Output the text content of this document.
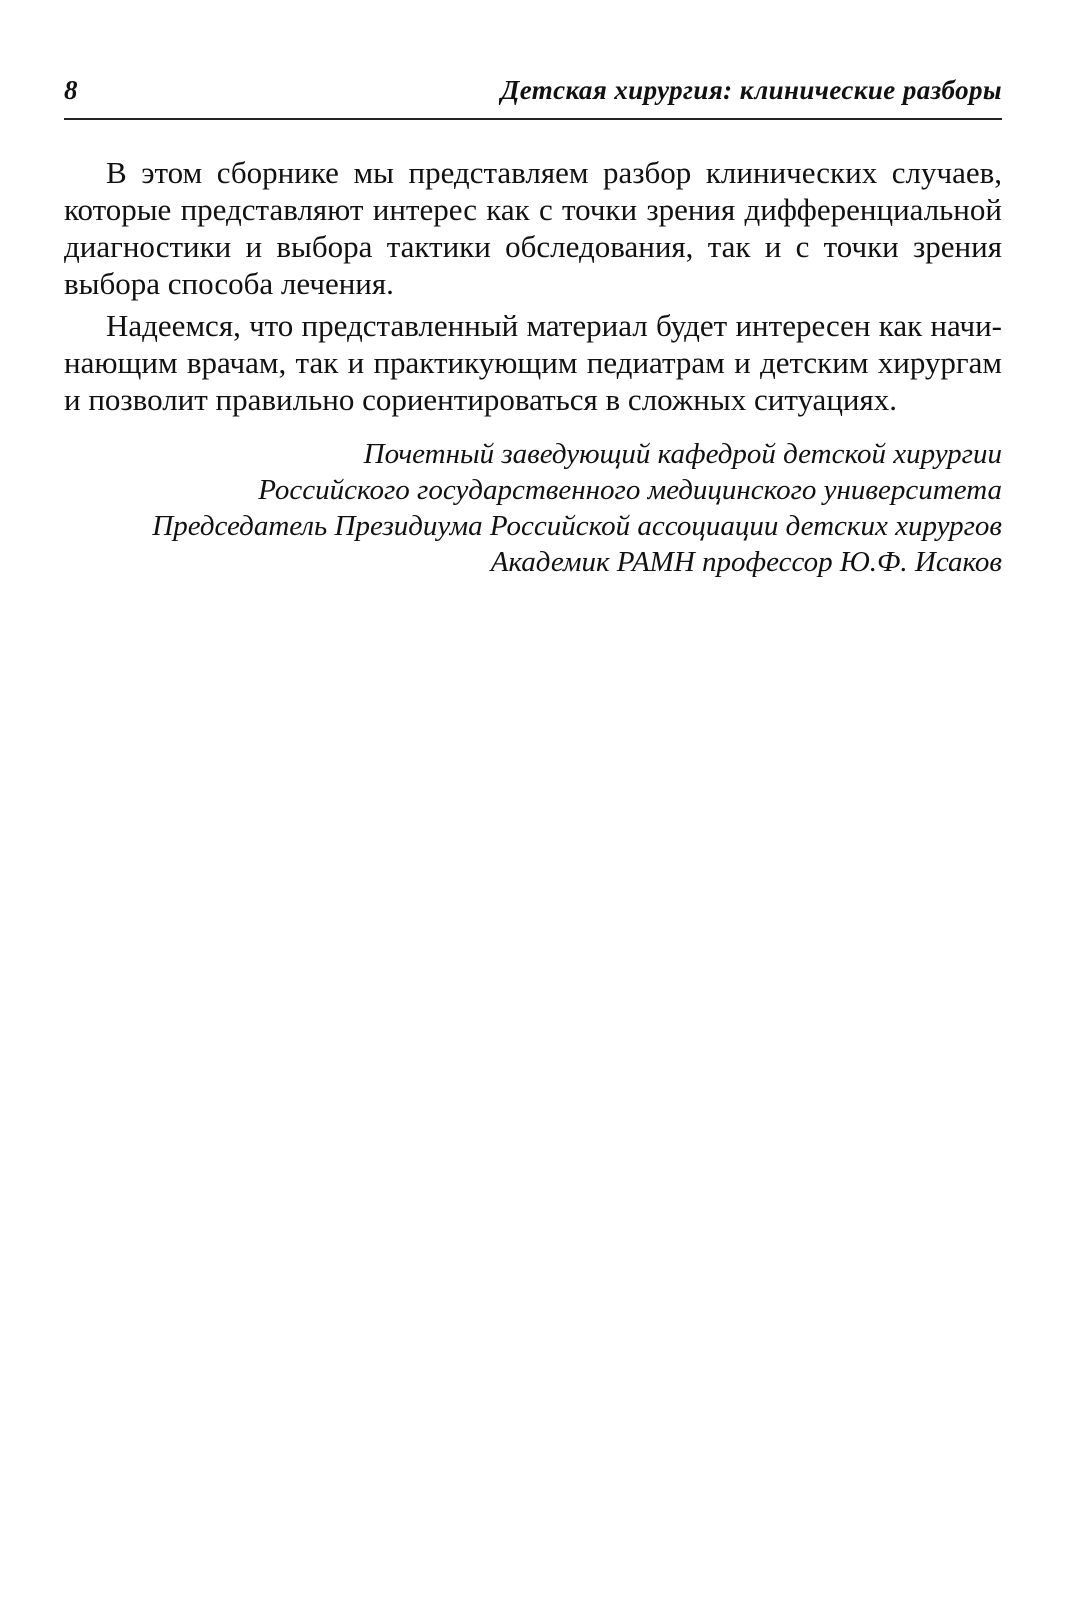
8	Детская хирургия: клинические разборы

В этом сборнике мы представляем разбор клинических случаев, которые представляют интерес как с точки зрения дифференциальной диагностики и выбора тактики обследования, так и с точки зрения выбора способа лечения.

Надеемся, что представленный материал будет интересен как начинающим врачам, так и практикующим педиатрам и детским хирургам и позволит правильно сориентироваться в сложных ситуациях.

Почетный заведующий кафедрой детской хирургии
Российского государственного медицинского университета
Председатель Президиума Российской ассоциации детских хирургов
Академик РАМН профессор Ю.Ф. Исаков
